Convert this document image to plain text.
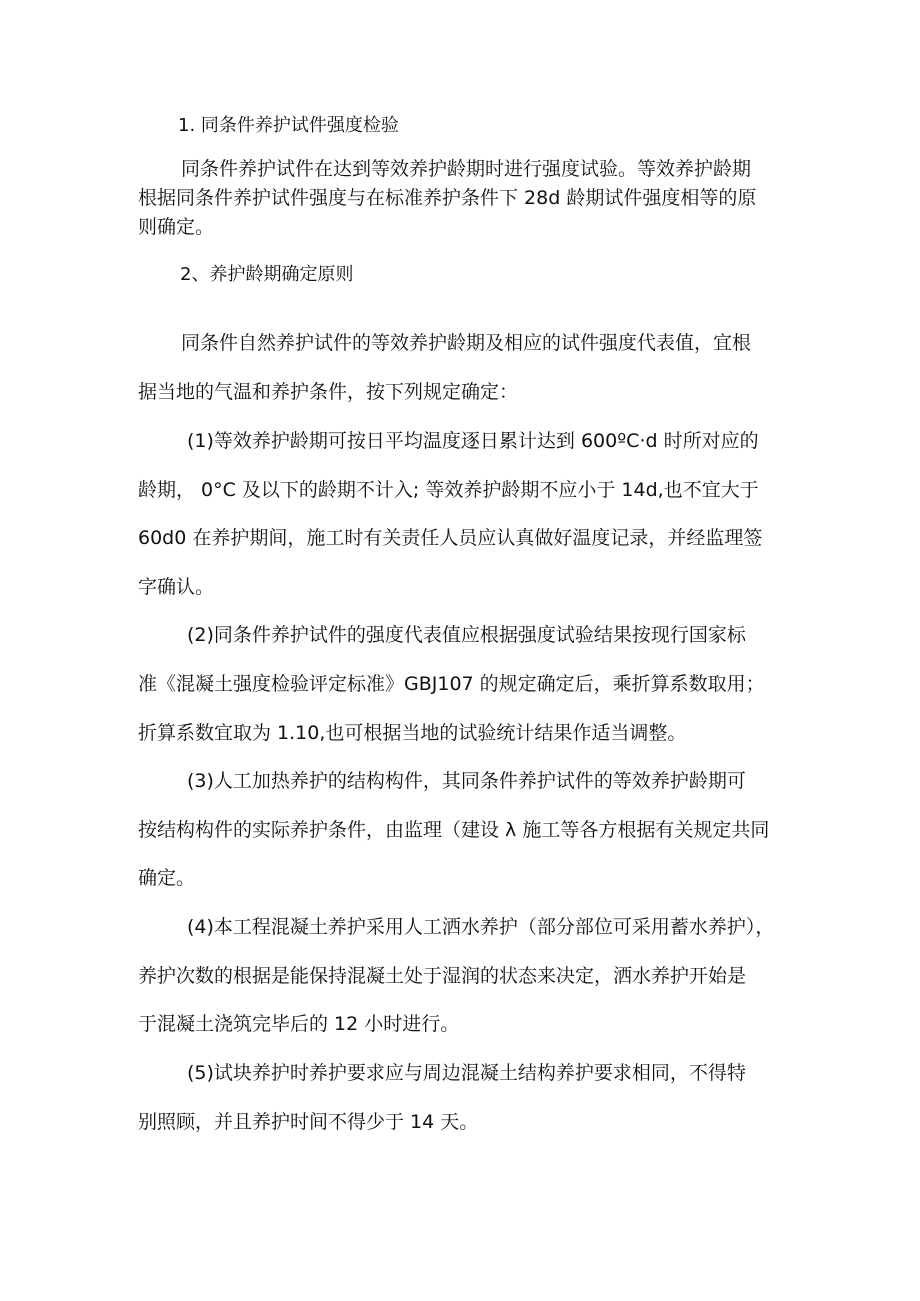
1. 同条件养护试件强度检验
同条件养护试件在达到等效养护龄期时进行强度试验。等效养护龄期
根据同条件养护试件强度与在标准养护条件下 28d 龄期试件强度相等的原
则确定。
2、养护龄期确定原则
同条件自然养护试件的等效养护龄期及相应的试件强度代表值，宜根
据当地的气温和养护条件，按下列规定确定：
(1)等效养护龄期可按日平均温度逐日累计达到 600ºC·d 时所对应的
龄期， 0°C 及以下的龄期不计入; 等效养护龄期不应小于 14d,也不宜大于
60d0 在养护期间，施工时有关责任人员应认真做好温度记录，并经监理签
字确认。
(2)同条件养护试件的强度代表值应根据强度试验结果按现行国家标
准《混凝土强度检验评定标准》GBJ107 的规定确定后，乘折算系数取用；
折算系数宜取为 1.10,也可根据当地的试验统计结果作适当调整。
(3)人工加热养护的结构构件，其同条件养护试件的等效养护龄期可
按结构构件的实际养护条件，由监理（建设 λ 施工等各方根据有关规定共同
确定。
(4)本工程混凝土养护采用人工洒水养护（部分部位可采用蓄水养护），
养护次数的根据是能保持混凝土处于湿润的状态来决定，洒水养护开始是
于混凝土浇筑完毕后的 12 小时进行。
(5)试块养护时养护要求应与周边混凝土结构养护要求相同，不得特
别照顾，并且养护时间不得少于 14 天。
